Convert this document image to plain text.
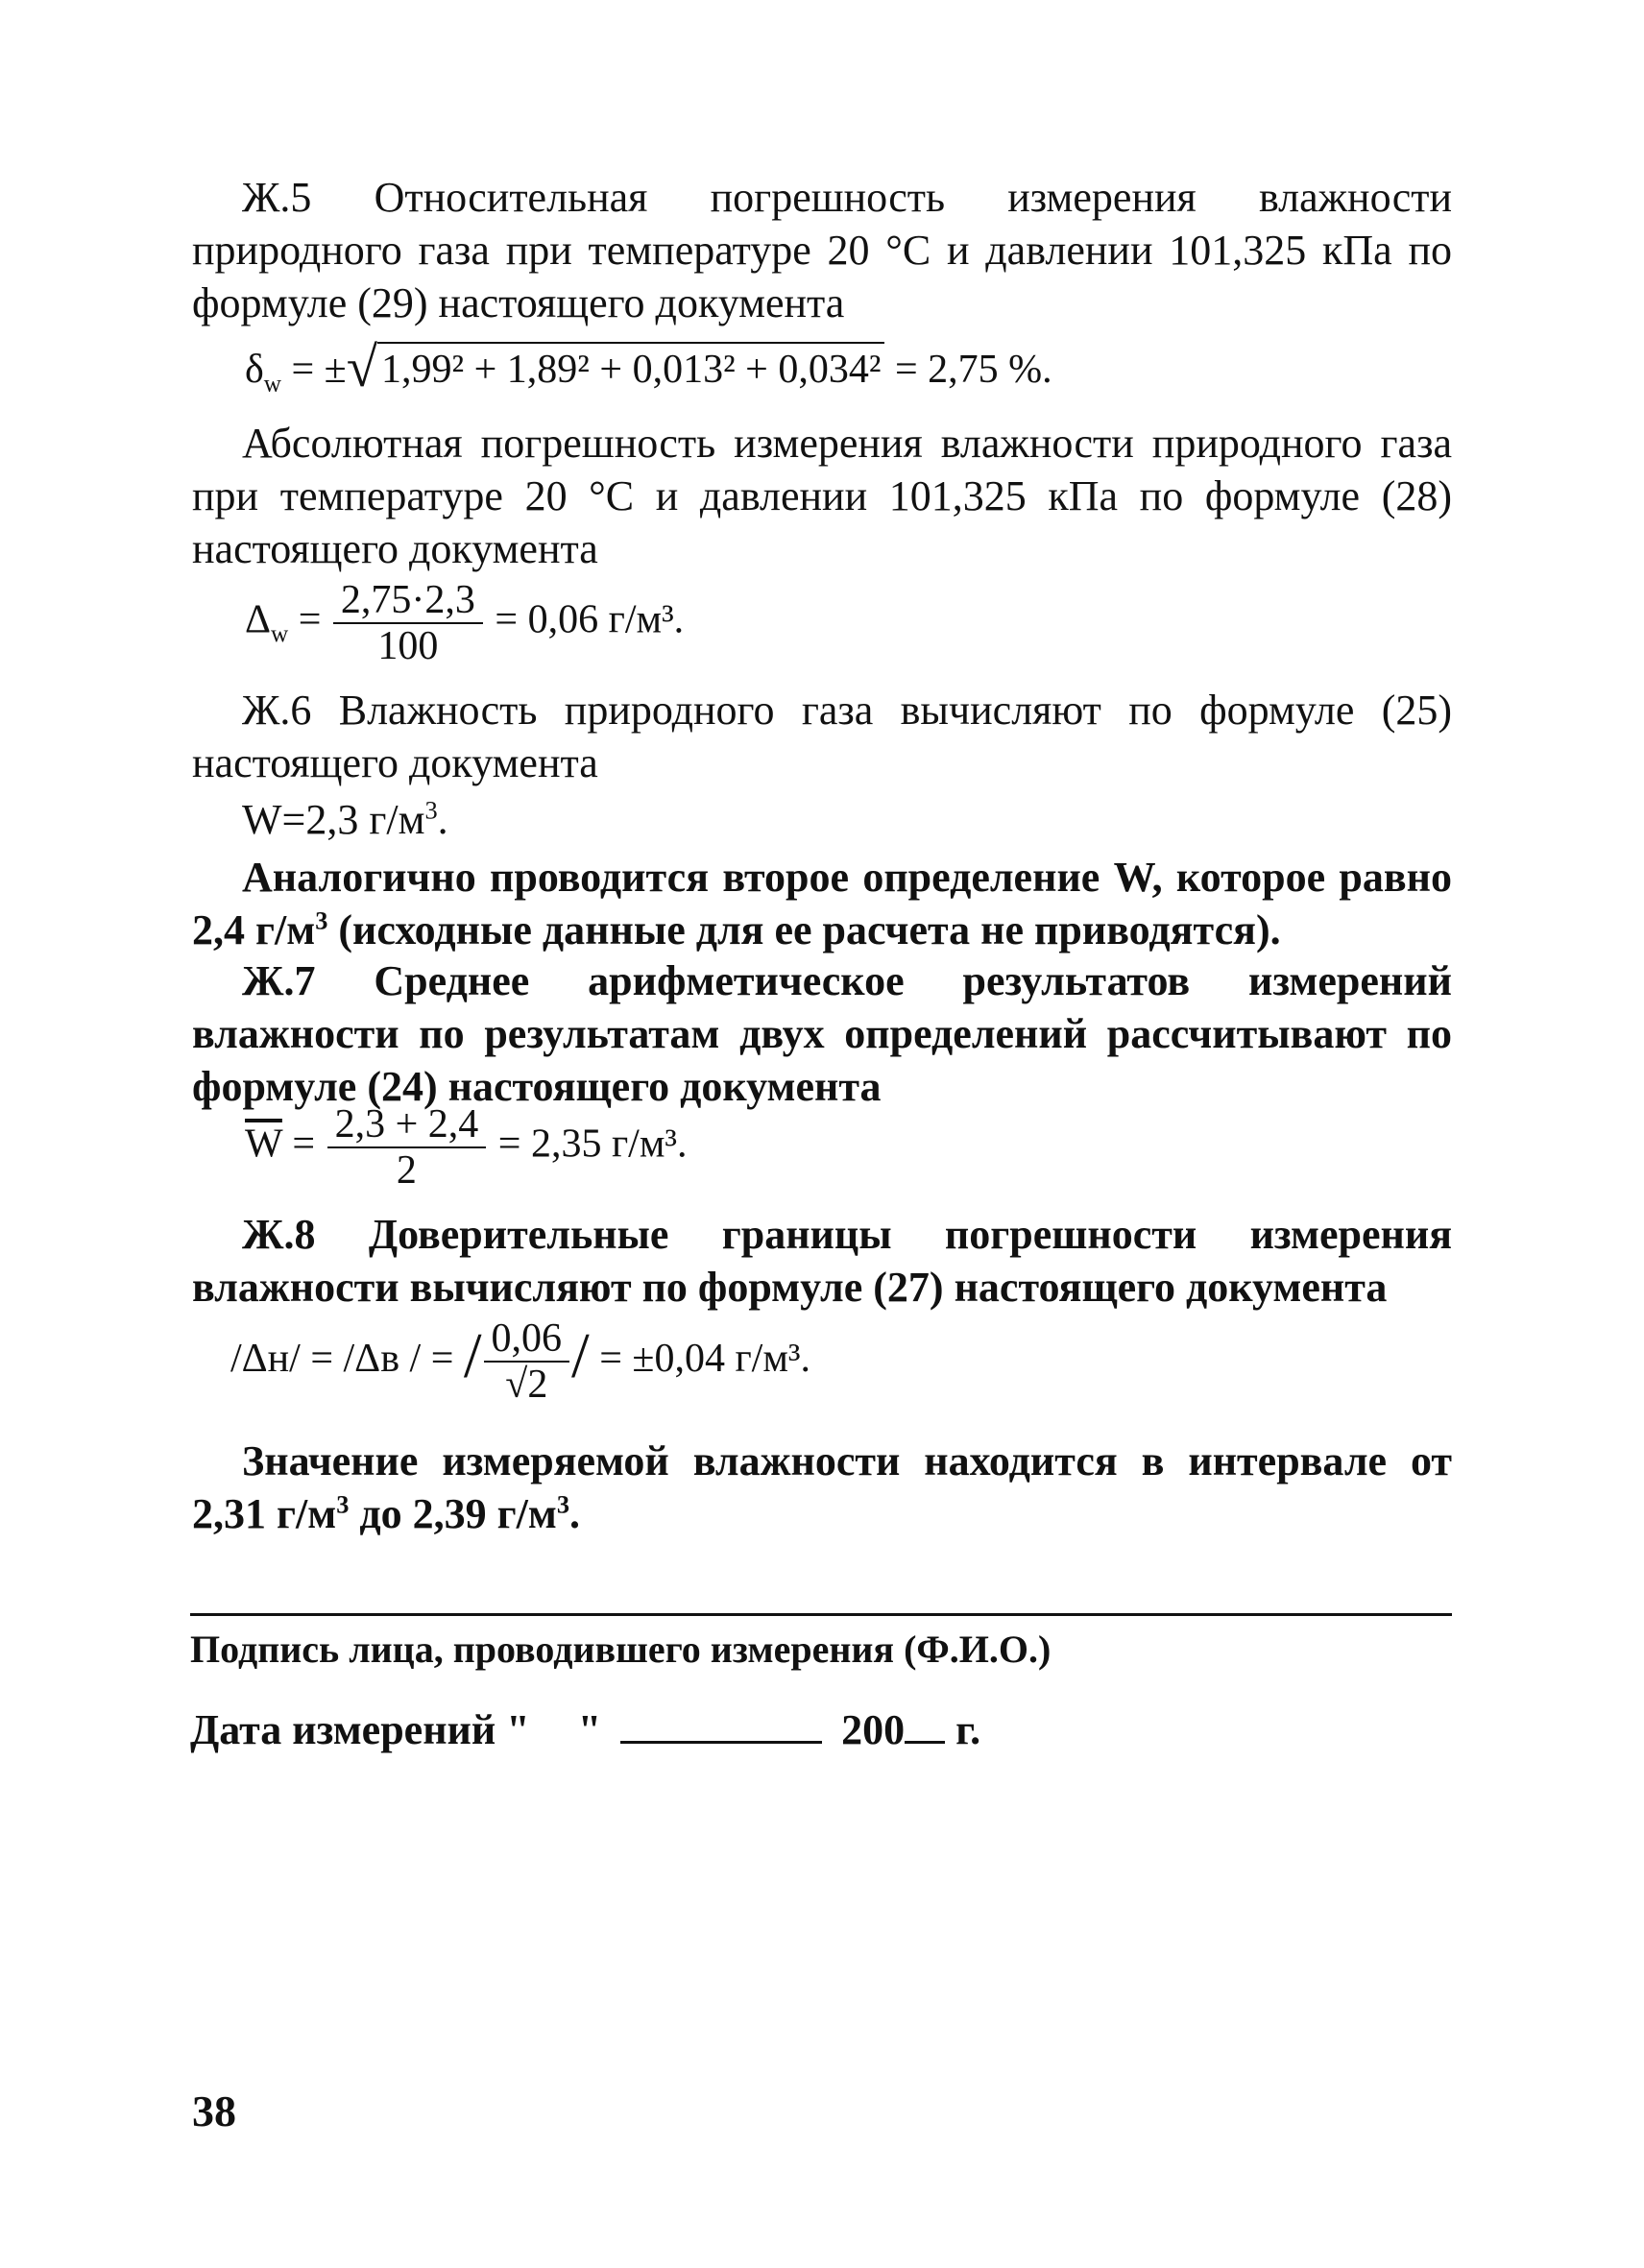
Ж.5 Относительная погрешность измерения влажности природного газа при температуре 20 °С и давлении 101,325 кПа по формуле (29) настоящего документа

$\delta_w = \pm√1,99^2 + 1,89^2 + 0,013^2 + 0,034^2 = 2,75$ %.

Абсолютная погрешность измерения влажности природного газа при температуре 20 °С и давлении 101,325 кПа по формуле (28) настоящего документа

$\Delta_w = \frac{2,75\cdot 2,3}{100} = 0,06$ г/м³.

Ж.6 Влажность природного газа вычисляют по формуле (25) настоящего документа

W=2,3 $г/м^3$.

Аналогично проводится второе определение W, которое равно 2,4 $г/м^3$ (исходные данные для ее расчета не приводятся).

Ж.7 Среднее арифметическое результатов измерений влажности по результатам двух определений рассчитывают по формуле (24) настоящего документа

$\overline{W} = \frac{2,3 + 2,4}{2} = 2,35$ г/м³.

Ж.8 Доверительные границы погрешности измерения влажности вычисляют по формуле (27) настоящего документа

/Δн/ = /Δв / = / $\frac{0,06}{√2}$ / = ±0,04 г/м³.

Значение измеряемой влажности находится в интервале от 2,31 $г/м^3$ до 2,39 $г/м^3$.

Подпись лица, проводившего измерения (Ф.И.О.)
Дата измерений " "	200 г.
38
